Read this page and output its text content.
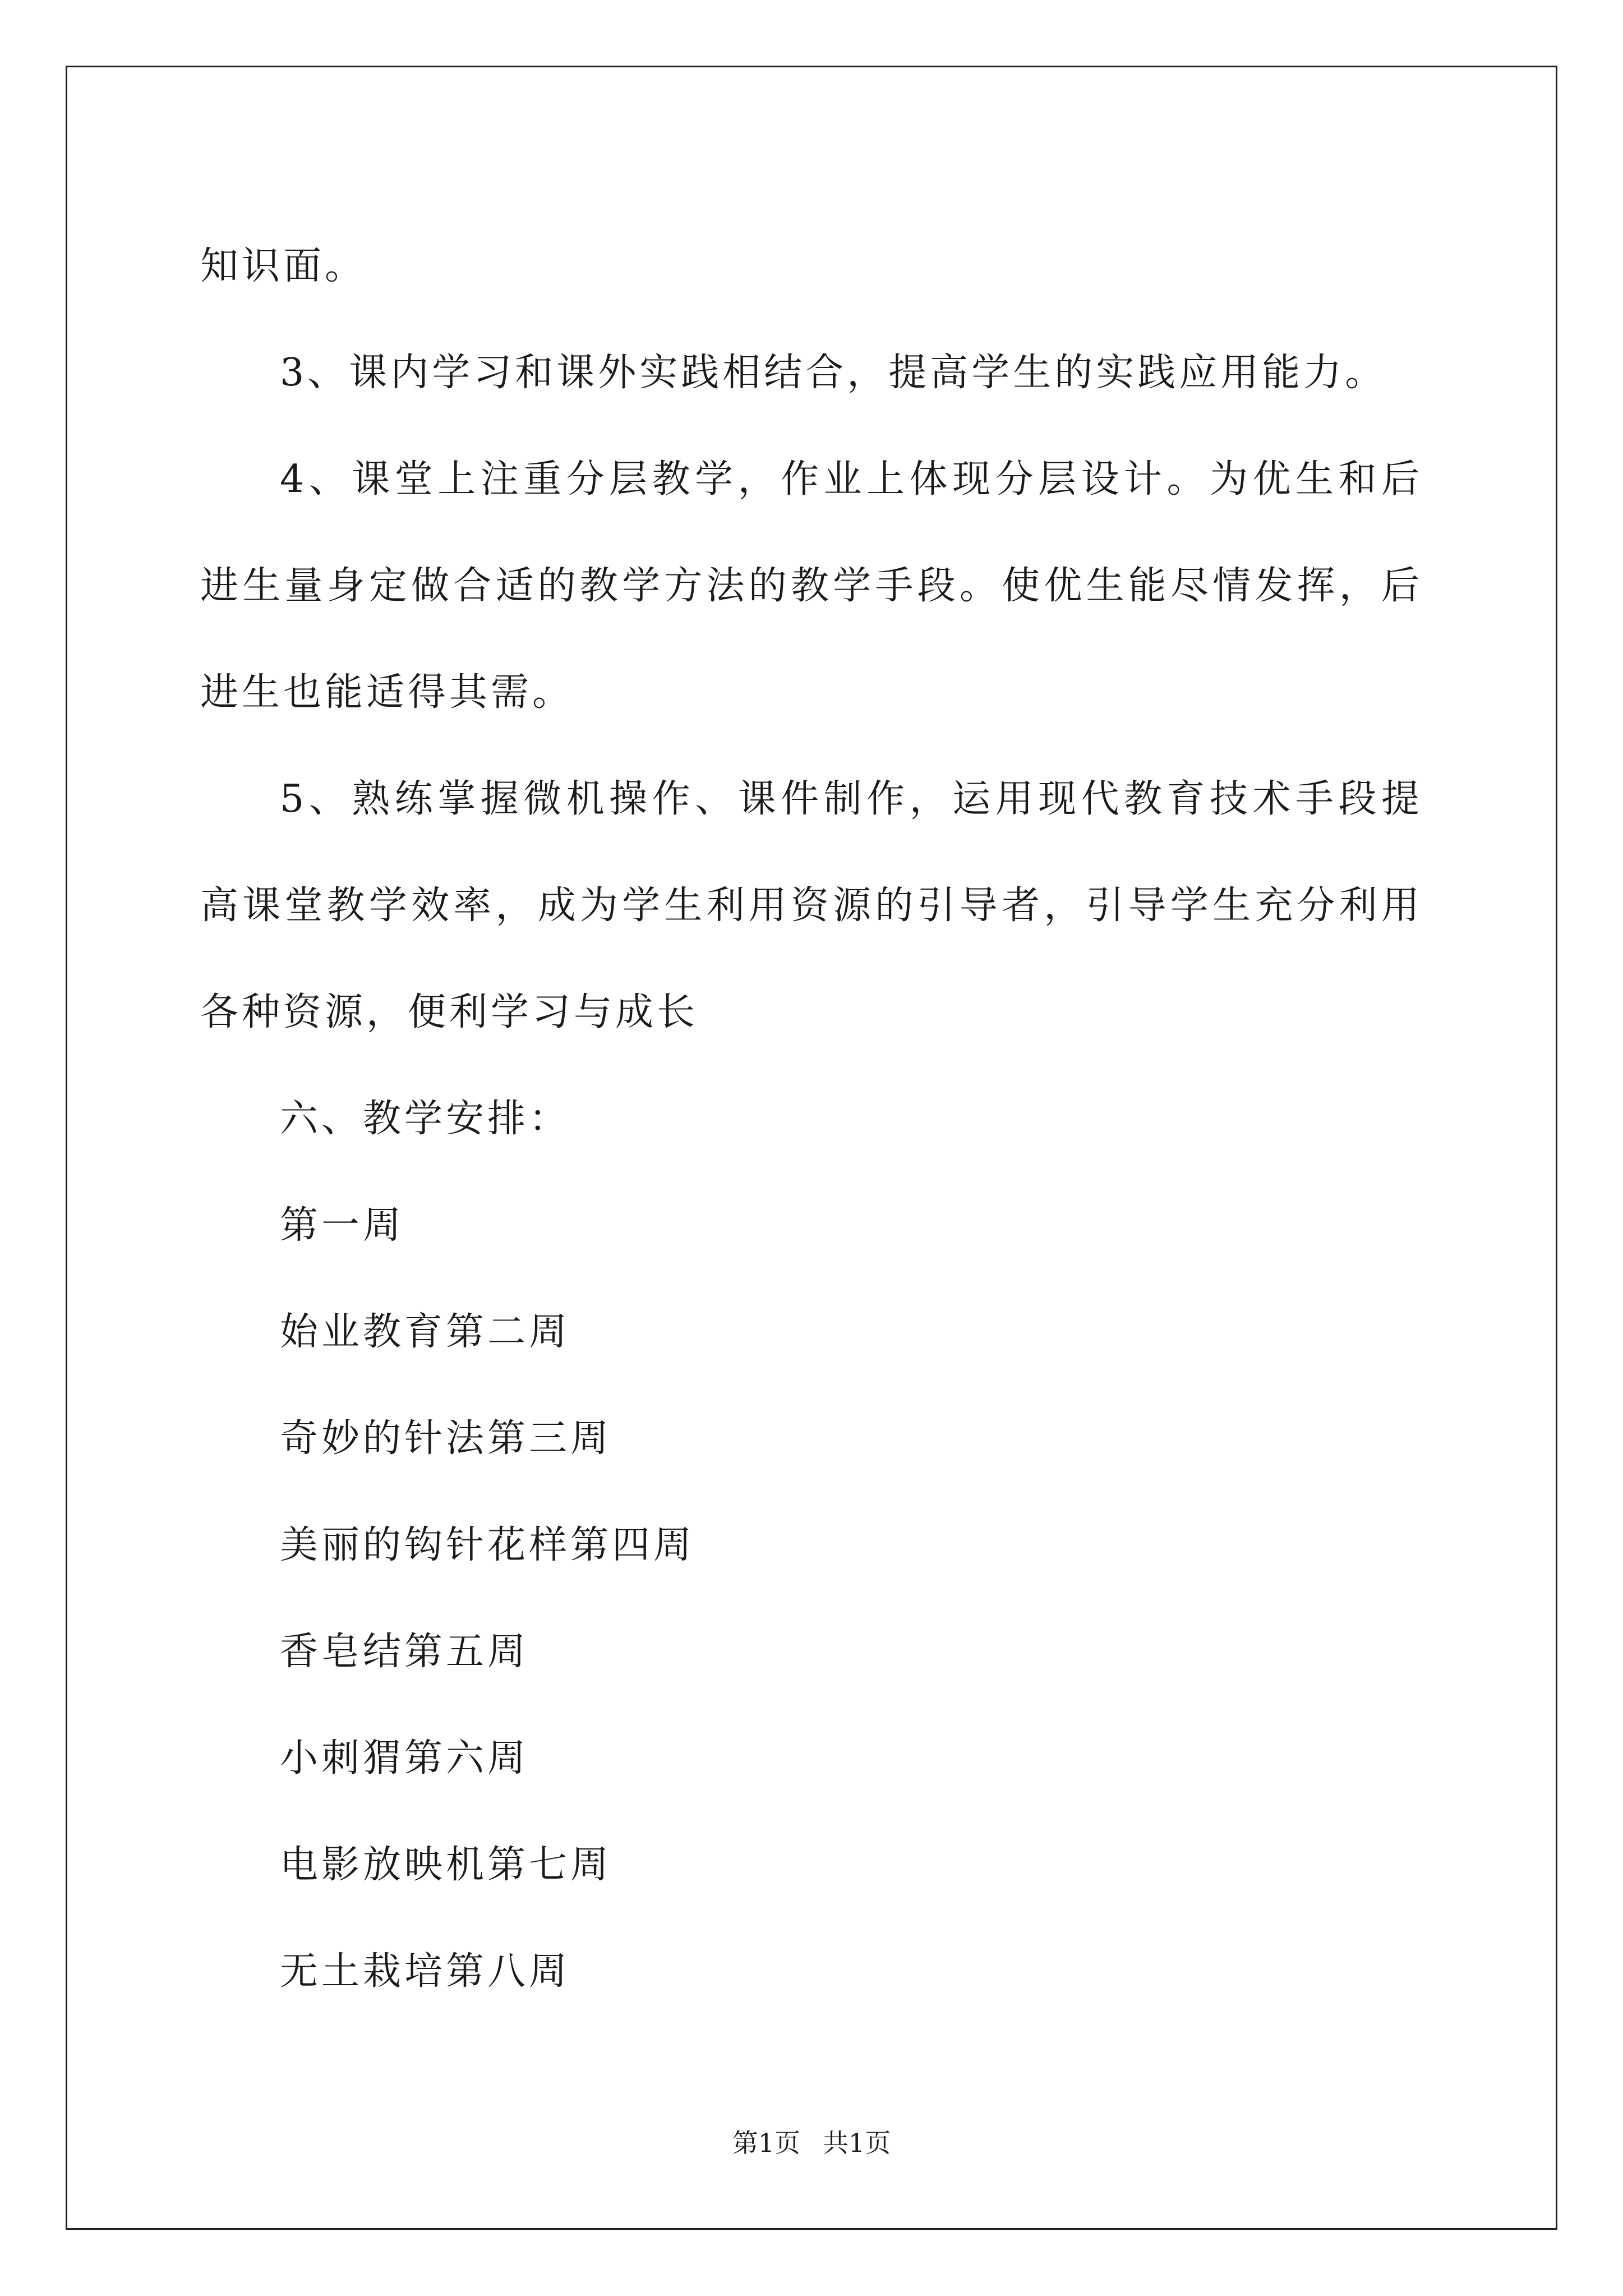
知识面。

3、课内学习和课外实践相结合，提高学生的实践应用能力。

4、课堂上注重分层教学，作业上体现分层设计。为优生和后进生量身定做合适的教学方法的教学手段。使优生能尽情发挥，后进生也能适得其需。

5、熟练掌握微机操作、课件制作，运用现代教育技术手段提高课堂教学效率，成为学生利用资源的引导者，引导学生充分利用各种资源，便利学习与成长

六、教学安排：

第一周

始业教育第二周

奇妙的针法第三周

美丽的钩针花样第四周

香皂结第五周

小刺猬第六周

电影放映机第七周

无土栽培第八周

第1页 共1页
